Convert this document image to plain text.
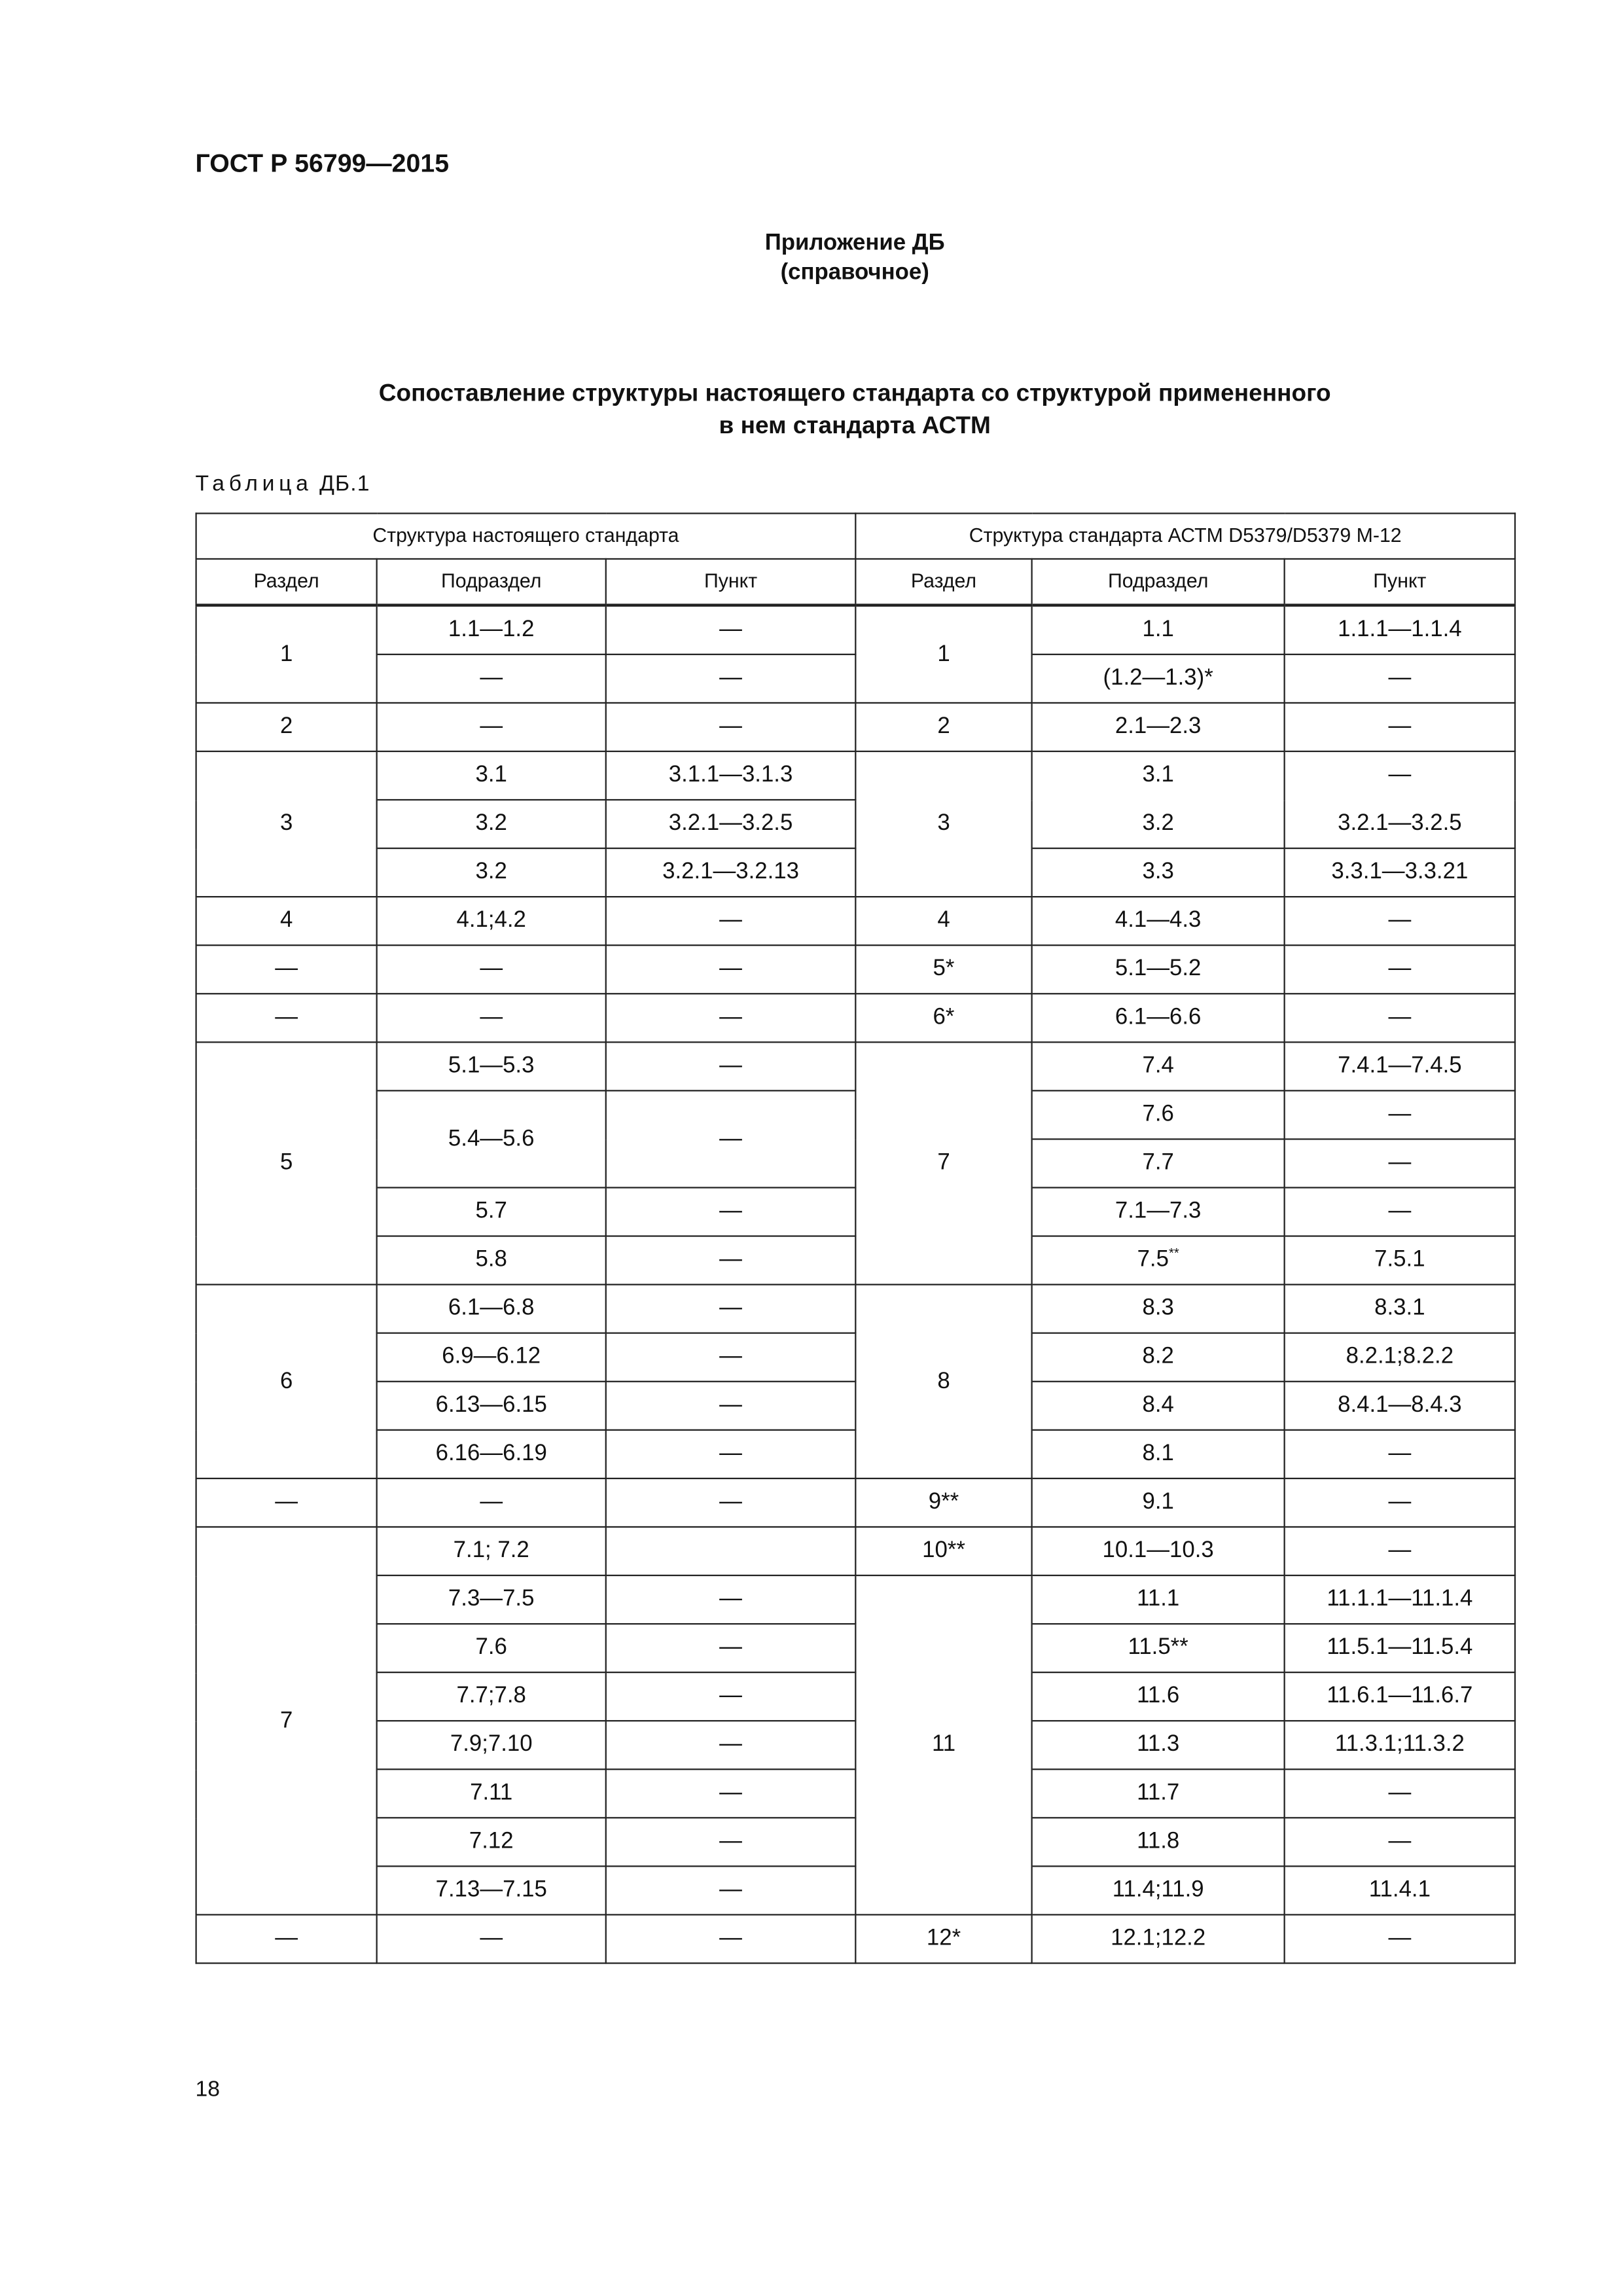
ГОСТ Р 56799—2015
Приложение ДБ
(справочное)
Сопоставление структуры настоящего стандарта со структурой примененного
в нем стандарта АСТМ
Таблица ДБ.1
Структура настоящего стандарта			Структура стандарта АСТМ D5379/D5379 М-12		
Раздел	Подраздел	Пункт	Раздел	Подраздел	Пункт
1	1.1—1.2	—	1	1.1	1.1.1—1.1.4
	—	—		(1.2—1.3)*	—
2	—	—	2	2.1—2.3	—
3	3.1	3.1.1—3.1.3	3	3.1	—
	3.2	3.2.1—3.2.5		3.2	3.2.1—3.2.5
	3.2	3.2.1—3.2.13		3.3	3.3.1—3.3.21
4	4.1;4.2	—	4	4.1—4.3	—
—	—	—	5*	5.1—5.2	—
—	—	—	6*	6.1—6.6	—
5	5.1—5.3	—	7	7.4	7.4.1—7.4.5
	5.4—5.6	—		7.6	—
				7.7	—
	5.7	—		7.1—7.3	—
	5.8	—		7.5**	7.5.1
6	6.1—6.8	—	8	8.3	8.3.1
	6.9—6.12	—		8.2	8.2.1;8.2.2
	6.13—6.15	—		8.4	8.4.1—8.4.3
	6.16—6.19	—		8.1	—
—	—	—	9**	9.1	—
7	7.1; 7.2		10**	10.1—10.3	—
	7.3—7.5	—	11	11.1	11.1.1—11.1.4
	7.6	—		11.5**	11.5.1—11.5.4
	7.7;7.8	—		11.6	11.6.1—11.6.7
	7.9;7.10	—		11.3	11.3.1;11.3.2
	7.11	—		11.7	—
	7.12	—		11.8	—
	7.13—7.15	—		11.4;11.9	11.4.1
—	—	—	12*	12.1;12.2	—
18
